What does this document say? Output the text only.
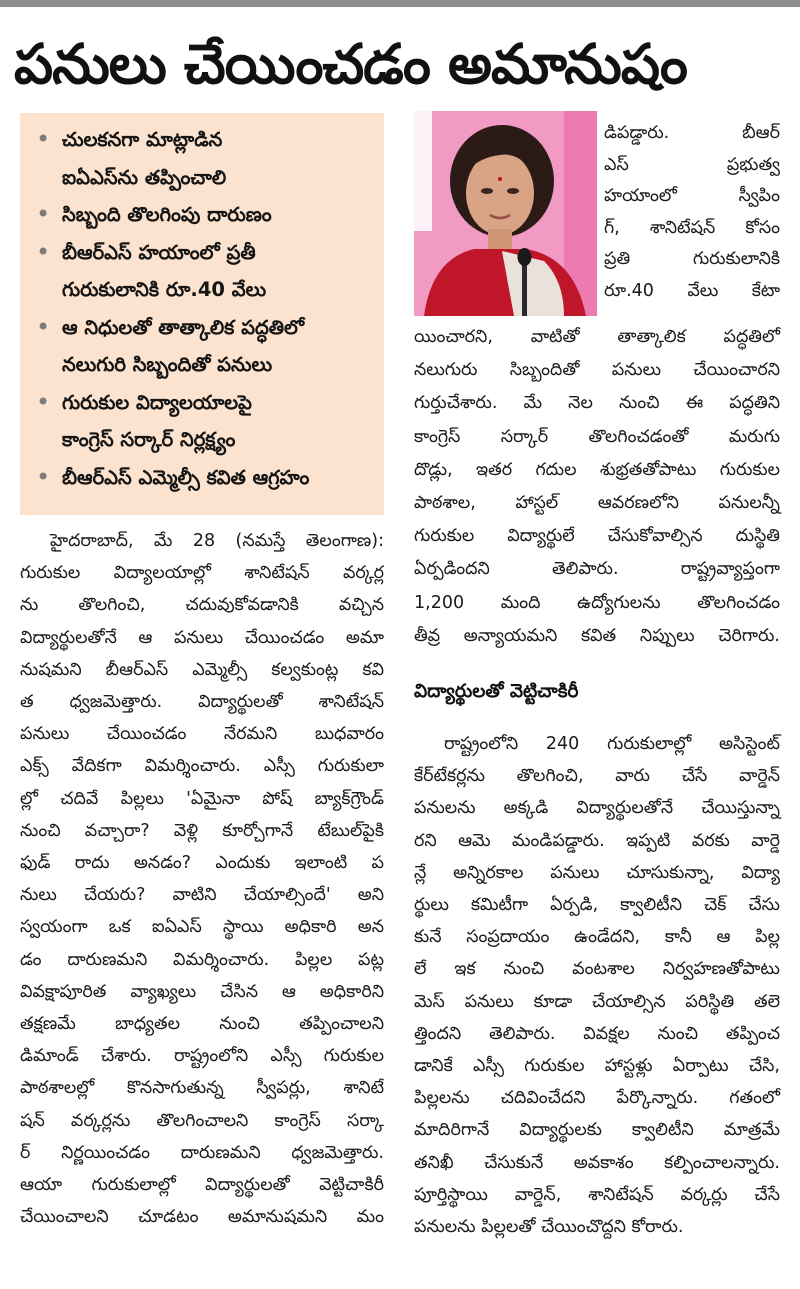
పనులు చేయించడం అమానుషం
• చులకనగా మాట్లాడిన
ఐఏఎస్‌ను తప్పించాలి
• సిబ్బంది తొలగింపు దారుణం
• బీఆర్‌ఎస్ హయాంలో ప్రతీ
గురుకులానికి రూ.40 వేలు
• ఆ నిధులతో తాత్కాలిక పద్ధతిలో
నలుగురి సిబ్బందితో పనులు
• గురుకుల విద్యాలయాలపై
కాంగ్రెస్ సర్కార్ నిర్లక్ష్యం
• బీఆర్‌ఎస్ ఎమ్మెల్సీ కవిత ఆగ్రహం

డిపడ్డారు. బీఆర్

ఎస్ ప్రభుత్వ

హయాంలో స్వీపిం

గ్, శానిటేషన్ కోసం

ప్రతి గురుకులానికి

రూ.40 వేలు కేటా

యించారని, వాటితో తాత్కాలిక పద్ధతిలో

నలుగురు సిబ్బందితో పనులు చేయించారని

గుర్తుచేశారు. మే నెల నుంచి ఈ పద్ధతిని

కాంగ్రెస్ సర్కార్ తొలగించడంతో మరుగు

దొడ్లు, ఇతర గదుల శుభ్రతతోపాటు గురుకుల

పాఠశాల, హాస్టల్ ఆవరణలోని పనులన్నీ

గురుకుల విద్యార్థులే చేసుకోవాల్సిన దుస్థితి

ఏర్పడిందని తెలిపారు. రాష్ట్రవ్యాప్తంగా

1,200 మంది ఉద్యోగులను తొలగించడం

తీవ్ర అన్యాయమని కవిత నిప్పులు చెరిగారు.

విద్యార్థులతో వెట్టిచాకిరీ

రాష్ట్రంలోని 240 గురుకులాల్లో అసిస్టెంట్

కేర్‌టేకర్లను తొలగించి, వారు చేసే వార్డెన్

పనులను అక్కడి విద్యార్థులతోనే చేయిస్తున్నా

రని ఆమె మండిపడ్డారు. ఇప్పటి వరకు వార్డె

న్లే అన్నిరకాల పనులు చూసుకున్నా, విద్యా

ర్థులు కమిటీగా ఏర్పడి, క్వాలిటీని చెక్ చేసు

కునే సంప్రదాయం ఉండేదని, కానీ ఆ పిల్ల

లే ఇక నుంచి వంటశాల నిర్వహణతోపాటు

మెస్ పనులు కూడా చేయాల్సిన పరిస్థితి తలె

త్తిందని తెలిపారు. వివక్షల నుంచి తప్పించ

డానికే ఎస్సీ గురుకుల హాస్టళ్లు ఏర్పాటు చేసి,

పిల్లలను చదివించేదని పేర్కొన్నారు. గతంలో

మాదిరిగానే విద్యార్థులకు క్వాలిటీని మాత్రమే

తనిఖీ చేసుకునే అవకాశం కల్పించాలన్నారు.

పూర్తిస్థాయి వార్డెన్, శానిటేషన్ వర్కర్లు చేసే

పనులను పిల్లలతో చేయించొద్దని కోరారు.

హైదరాబాద్, మే 28 (నమస్తే తెలంగాణ):

గురుకుల విద్యాలయాల్లో శానిటేషన్ వర్కర్ల

ను తొలగించి, చదువుకోవడానికి వచ్చిన

విద్యార్థులతోనే ఆ పనులు చేయించడం అమా

నుషమని బీఆర్‌ఎస్ ఎమ్మెల్సీ కల్వకుంట్ల కవి

త ధ్వజమెత్తారు. విద్యార్థులతో శానిటేషన్

పనులు చేయించడం నేరమని బుధవారం

ఎక్స్ వేదికగా విమర్శించారు. ఎస్సీ గురుకులా

ల్లో చదివే పిల్లలు 'ఏమైనా పోష్ బ్యాక్‌గ్రౌండ్

నుంచి వచ్చారా? వెళ్లి కూర్చోగానే టేబుల్‌పైకి

ఫుడ్ రాదు అనడం? ఎందుకు ఇలాంటి ప

నులు చేయరు? వాటిని చేయాల్సిందే' అని

స్వయంగా ఒక ఐఏఎస్ స్థాయి అధికారి అన

డం దారుణమని విమర్శించారు. పిల్లల పట్ల

వివక్షాపూరిత వ్యాఖ్యలు చేసిన ఆ అధికారిని

తక్షణమే బాధ్యతల నుంచి తప్పించాలని

డిమాండ్ చేశారు. రాష్ట్రంలోని ఎస్సీ గురుకుల

పాఠశాలల్లో కొనసాగుతున్న స్వీపర్లు, శానిటే

షన్ వర్కర్లను తొలగించాలని కాంగ్రెస్ సర్కా

ర్ నిర్ణయించడం దారుణమని ధ్వజమెత్తారు.

ఆయా గురుకులాల్లో విద్యార్థులతో వెట్టిచాకిరీ

చేయించాలని చూడటం అమానుషమని మం
